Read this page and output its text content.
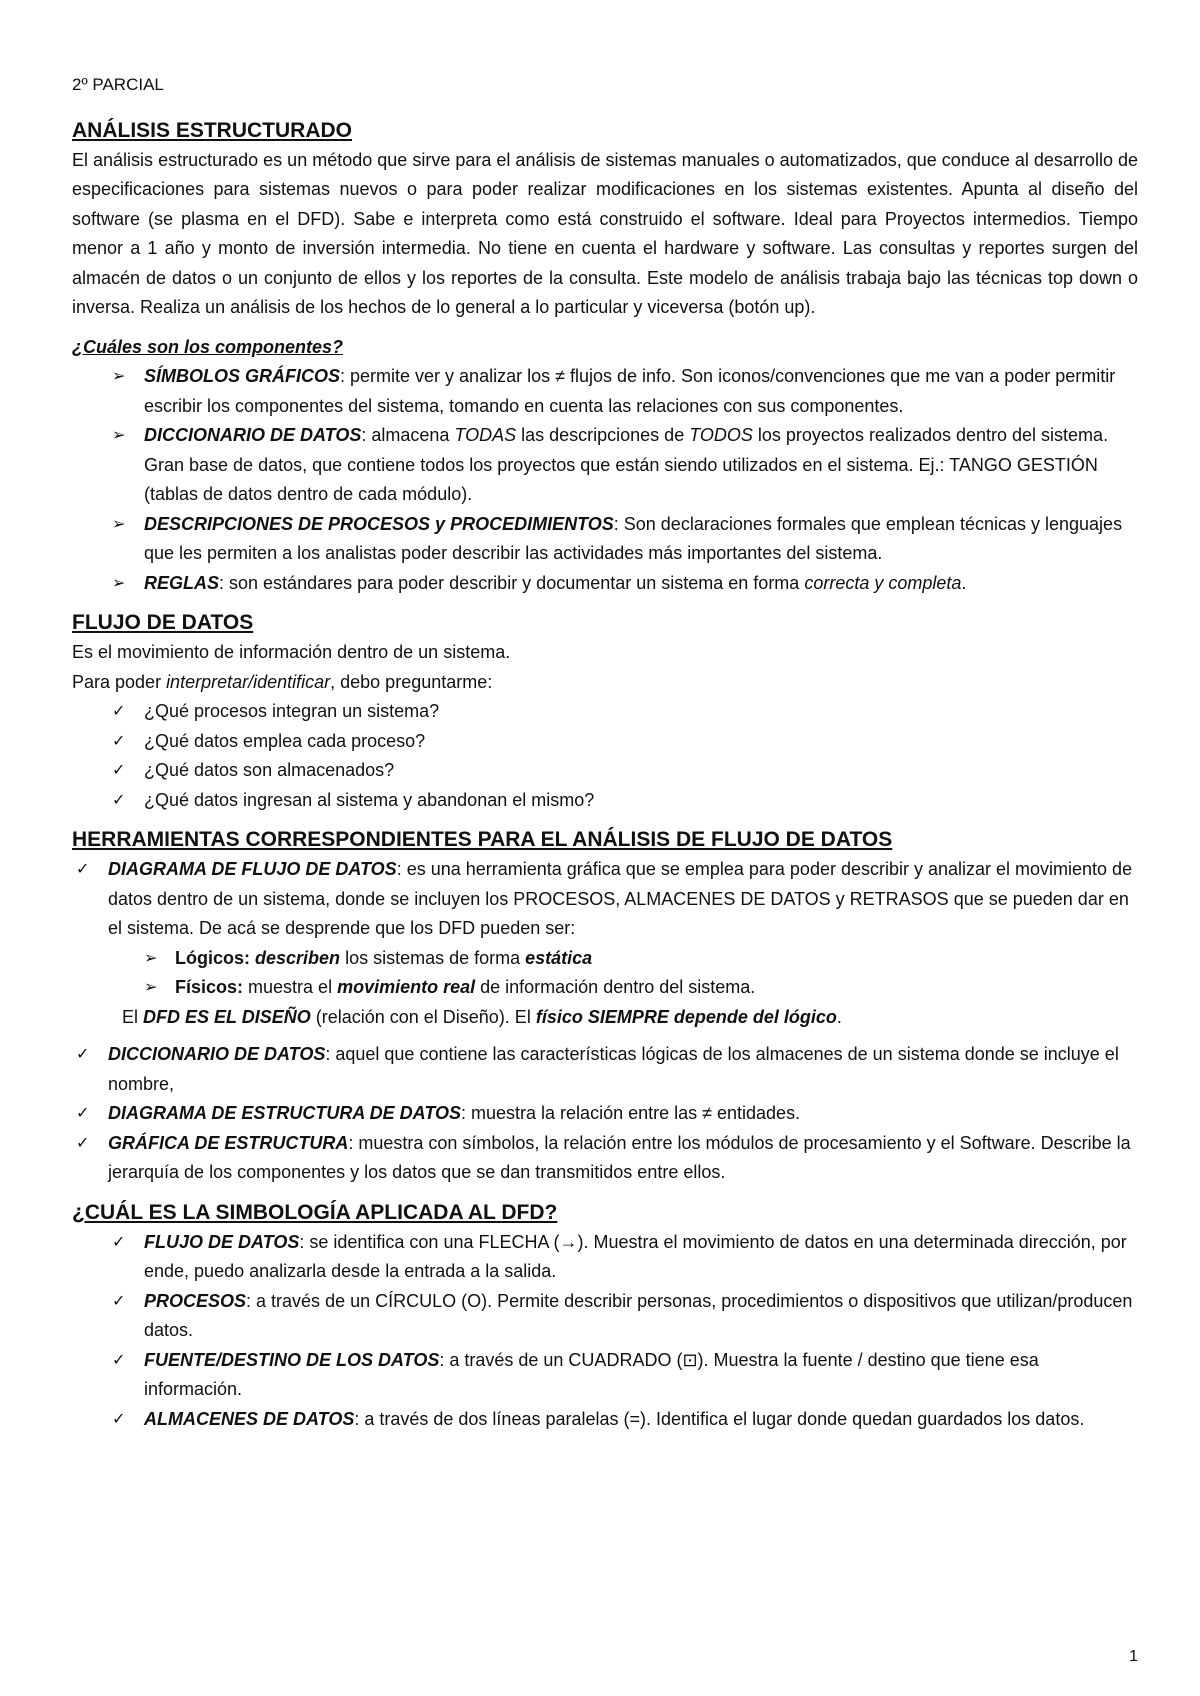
2º PARCIAL

ANÁLISIS ESTRUCTURADO

El análisis estructurado es un método que sirve para el análisis de sistemas manuales o automatizados, que conduce al desarrollo de especificaciones para sistemas nuevos o para poder realizar modificaciones en los sistemas existentes. Apunta al diseño del software (se plasma en el DFD). Sabe e interpreta como está construido el software. Ideal para Proyectos intermedios. Tiempo menor a 1 año y monto de inversión intermedia. No tiene en cuenta el hardware y software. Las consultas y reportes surgen del almacén de datos o un conjunto de ellos y los reportes de la consulta. Este modelo de análisis trabaja bajo las técnicas top down o inversa. Realiza un análisis de los hechos de lo general a lo particular y viceversa (botón up).

¿Cuáles son los componentes?

➢ SÍMBOLOS GRÁFICOS: permite ver y analizar los ≠ flujos de info. Son iconos/convenciones que me van a poder permitir escribir los componentes del sistema, tomando en cuenta las relaciones con sus componentes.
➢ DICCIONARIO DE DATOS: almacena TODAS las descripciones de TODOS los proyectos realizados dentro del sistema. Gran base de datos, que contiene todos los proyectos que están siendo utilizados en el sistema. Ej.: TANGO GESTIÓN (tablas de datos dentro de cada módulo).
➢ DESCRIPCIONES DE PROCESOS y PROCEDIMIENTOS: Son declaraciones formales que emplean técnicas y lenguajes que les permiten a los analistas poder describir las actividades más importantes del sistema.
➢ REGLAS: son estándares para poder describir y documentar un sistema en forma correcta y completa.
FLUJO DE DATOS

Es el movimiento de información dentro de un sistema.

Para poder interpretar/identificar, debo preguntarme:

✓ ¿Qué procesos integran un sistema?
✓ ¿Qué datos emplea cada proceso?
✓ ¿Qué datos son almacenados?
✓ ¿Qué datos ingresan al sistema y abandonan el mismo?
HERRAMIENTAS CORRESPONDIENTES PARA EL ANÁLISIS DE FLUJO DE DATOS
✓ DIAGRAMA DE FLUJO DE DATOS: es una herramienta gráfica que se emplea para poder describir y analizar el movimiento de datos dentro de un sistema, donde se incluyen los PROCESOS, ALMACENES DE DATOS y RETRASOS que se pueden dar en el sistema. De acá se desprende que los DFD pueden ser:
➢ Lógicos: describen los sistemas de forma estática
➢ Físicos: muestra el movimiento real de información dentro del sistema.

El DFD ES EL DISEÑO (relación con el Diseño). El físico SIEMPRE depende del lógico.

✓ DICCIONARIO DE DATOS: aquel que contiene las características lógicas de los almacenes de un sistema donde se incluye el nombre,
✓ DIAGRAMA DE ESTRUCTURA DE DATOS: muestra la relación entre las ≠ entidades.
✓ GRÁFICA DE ESTRUCTURA: muestra con símbolos, la relación entre los módulos de procesamiento y el Software. Describe la jerarquía de los componentes y los datos que se dan transmitidos entre ellos.
¿CUÁL ES LA SIMBOLOGÍA APLICADA AL DFD?
✓ FLUJO DE DATOS: se identifica con una FLECHA (→). Muestra el movimiento de datos en una determinada dirección, por ende, puedo analizarla desde la entrada a la salida.
✓ PROCESOS: a través de un CÍRCULO (O). Permite describir personas, procedimientos o dispositivos que utilizan/producen datos.
✓ FUENTE/DESTINO DE LOS DATOS: a través de un CUADRADO (⊡). Muestra la fuente / destino que tiene esa información.
✓ ALMACENES DE DATOS: a través de dos líneas paralelas (=). Identifica el lugar donde quedan guardados los datos.
1
